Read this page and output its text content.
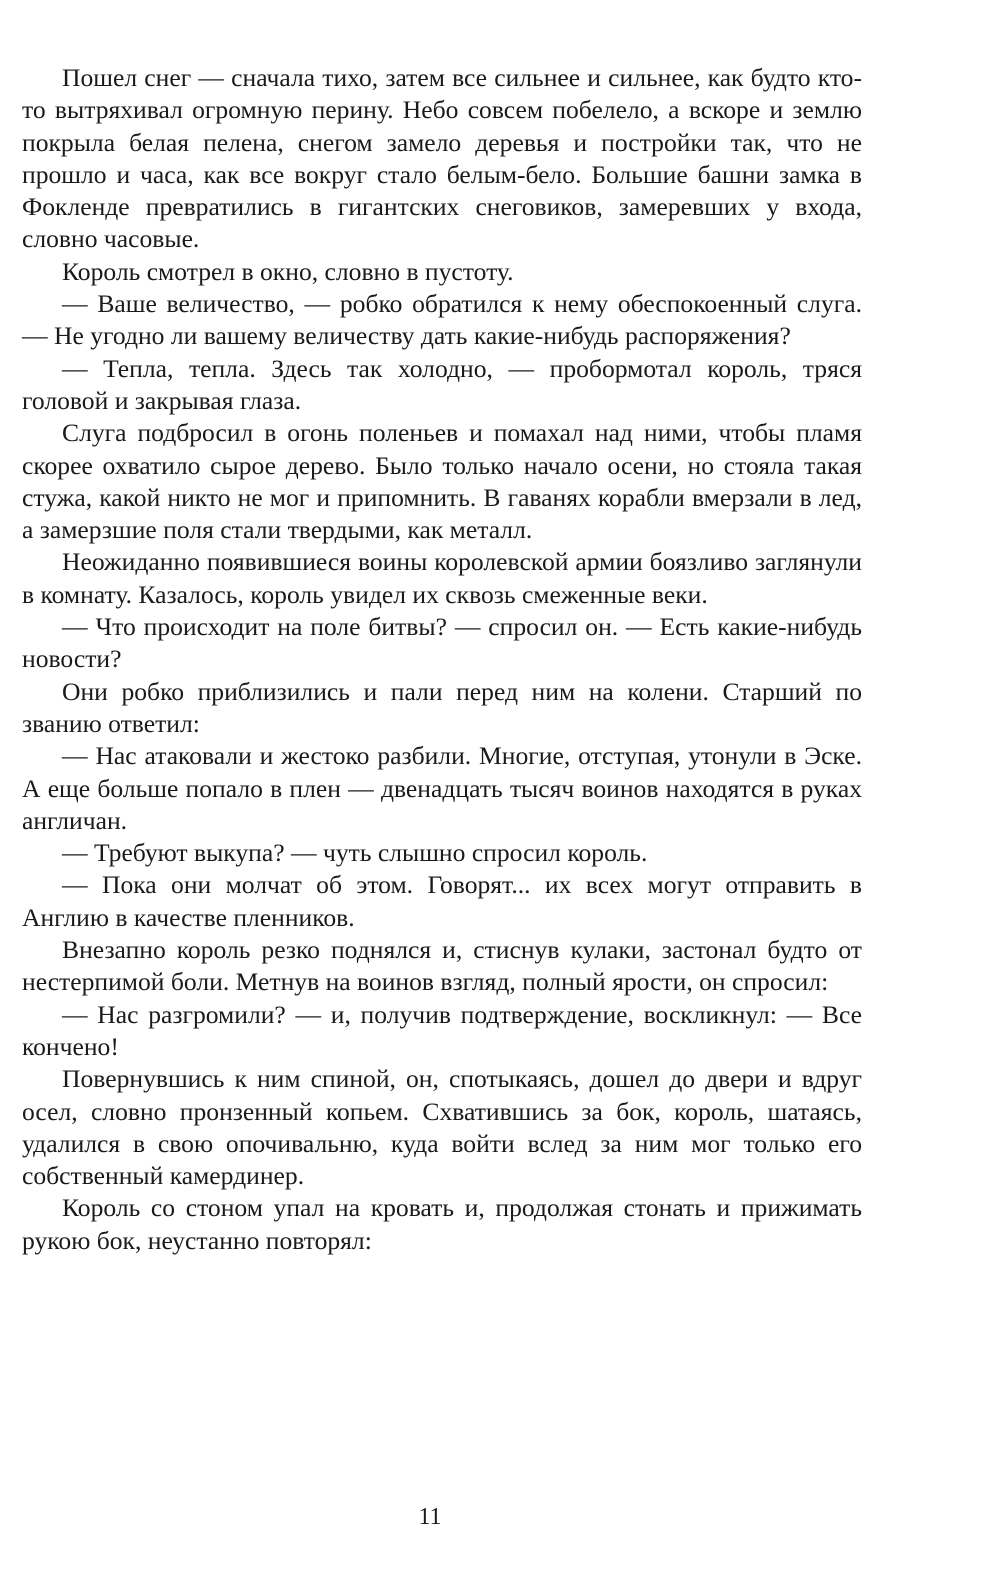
Пошел снег — сначала тихо, затем все сильнее и сильнее, как будто кто-то вытряхивал огромную перину. Небо совсем побелело, а вскоре и землю покрыла белая пелена, снегом замело деревья и постройки так, что не прошло и часа, как все вокруг стало белым-бело. Большие башни замка в Фокленде превратились в гигантских снеговиков, замеревших у входа, словно часовые.

Король смотрел в окно, словно в пустоту.

— Ваше величество, — робко обратился к нему обеспокоенный слуга. — Не угодно ли вашему величеству дать какие-нибудь распоряжения?

— Тепла, тепла. Здесь так холодно, — пробормотал король, тряся головой и закрывая глаза.

Слуга подбросил в огонь поленьев и помахал над ними, чтобы пламя скорее охватило сырое дерево. Было только начало осени, но стояла такая стужа, какой никто не мог и припомнить. В гаванях корабли вмерзали в лед, а замерзшие поля стали твердыми, как металл.

Неожиданно появившиеся воины королевской армии боязливо заглянули в комнату. Казалось, король увидел их сквозь смеженные веки.

— Что происходит на поле битвы? — спросил он. — Есть какие-нибудь новости?

Они робко приблизились и пали перед ним на колени. Старший по званию ответил:

— Нас атаковали и жестоко разбили. Многие, отступая, утонули в Эске. А еще больше попало в плен — двенадцать тысяч воинов находятся в руках англичан.

— Требуют выкупа? — чуть слышно спросил король.

— Пока они молчат об этом. Говорят... их всех могут отправить в Англию в качестве пленников.

Внезапно король резко поднялся и, стиснув кулаки, застонал будто от нестерпимой боли. Метнув на воинов взгляд, полный ярости, он спросил:

— Нас разгромили? — и, получив подтверждение, воскликнул: — Все кончено!

Повернувшись к ним спиной, он, спотыкаясь, дошел до двери и вдруг осел, словно пронзенный копьем. Схватившись за бок, король, шатаясь, удалился в свою опочивальню, куда войти вслед за ним мог только его собственный камердинер.

Король со стоном упал на кровать и, продолжая стонать и прижимать рукою бок, неустанно повторял:

11
